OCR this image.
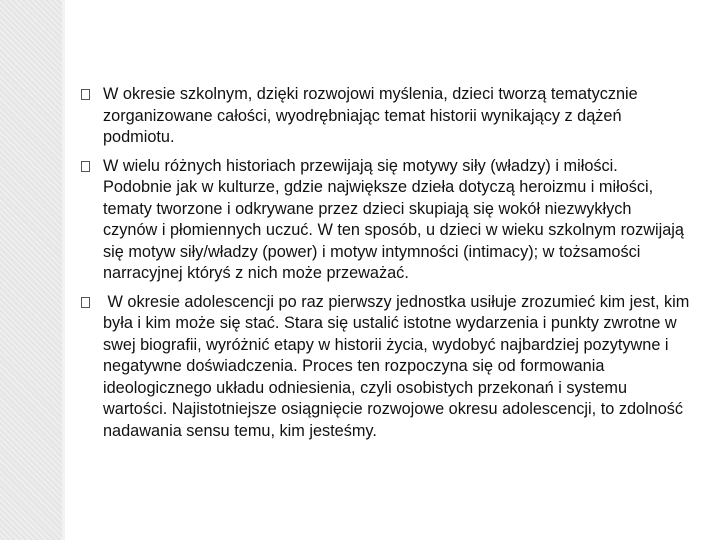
W okresie szkolnym, dzięki rozwojowi myślenia, dzieci tworzą tematycznie zorganizowane całości, wyodrębniając temat historii wynikający z dążeń podmiotu.
W wielu różnych historiach przewijają się motywy siły (władzy) i miłości. Podobnie jak w kulturze, gdzie największe dzieła dotyczą heroizmu i miłości, tematy tworzone i odkrywane przez dzieci skupiają się wokół niezwykłych czynów i płomiennych uczuć. W ten sposób, u dzieci w wieku szkolnym rozwijają się motyw siły/władzy (power) i motyw intymności (intimacy); w tożsamości narracyjnej któryś z nich może przeważać.
W okresie adolescencji po raz pierwszy jednostka usiłuje zrozumieć kim jest, kim była i kim może się stać. Stara się ustalić istotne wydarzenia i punkty zwrotne w swej biografii, wyróżnić etapy w historii życia, wydobyć najbardziej pozytywne i negatywne doświadczenia. Proces ten rozpoczyna się od formowania ideologicznego układu odniesienia, czyli osobistych przekonań i systemu wartości. Najistotniejsze osiągnięcie rozwojowe okresu adolescencji, to zdolność nadawania sensu temu, kim jesteśmy.
